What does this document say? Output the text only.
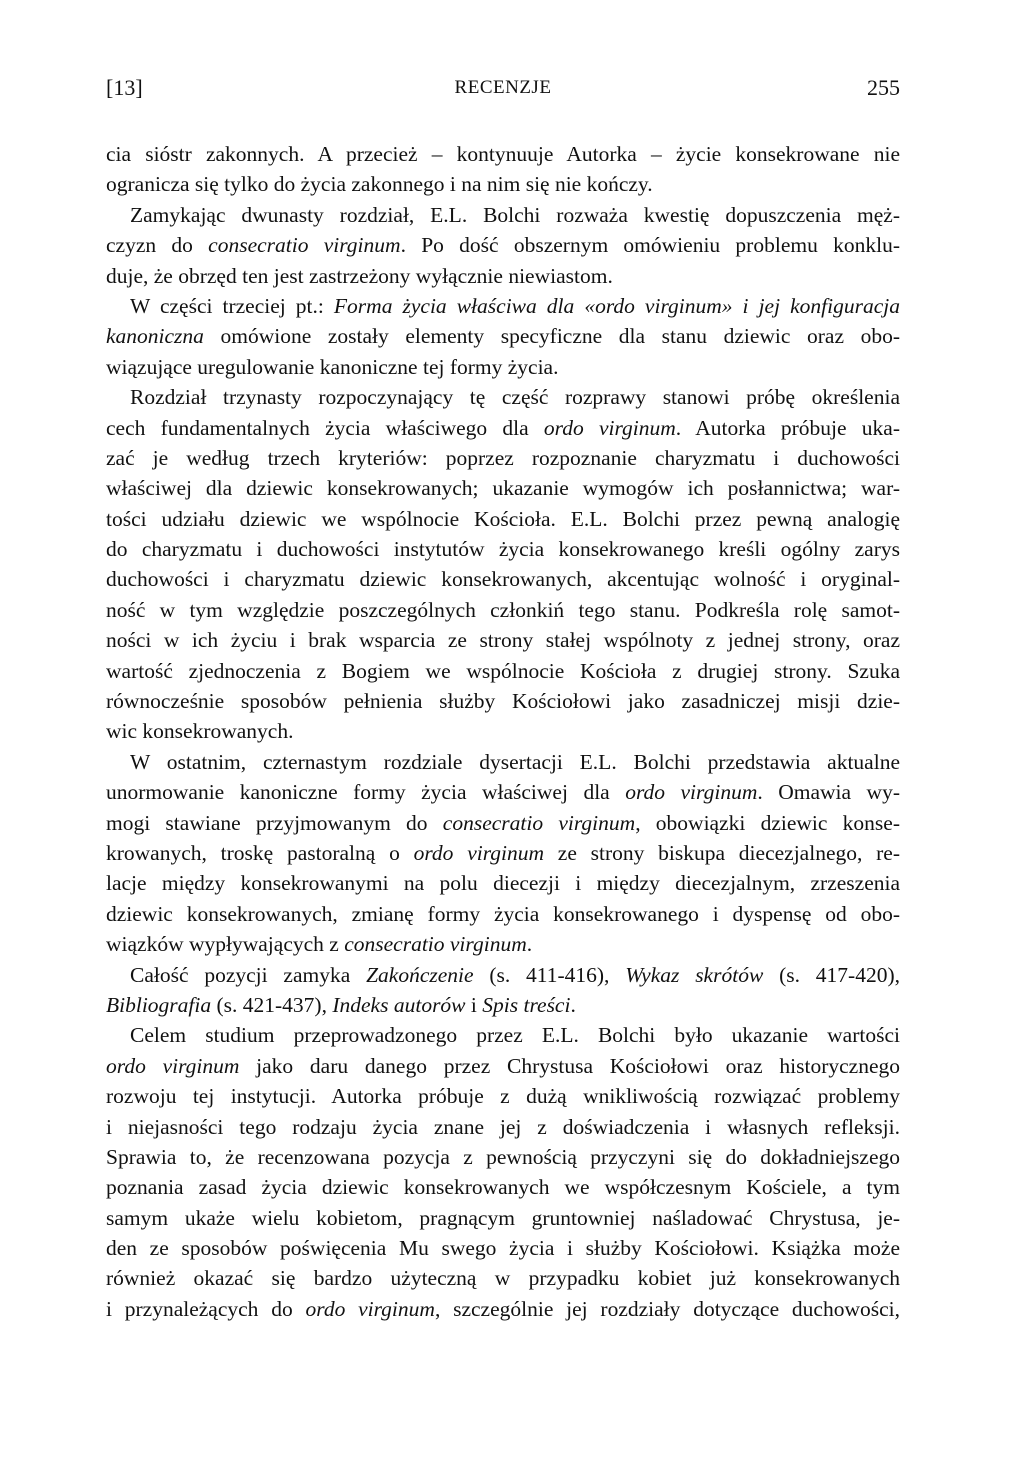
[13]	RECENZJE	255
cia sióstr zakonnych. A przecież – kontynuuje Autorka – życie konsekrowane nie
ogranicza się tylko do życia zakonnego i na nim się nie kończy.
Zamykając dwunasty rozdział, E.L. Bolchi rozważa kwestię dopuszczenia męż-
czyzn do consecratio virginum. Po dość obszernym omówieniu problemu konklu-
duje, że obrzęd ten jest zastrzeżony wyłącznie niewiastom.
W części trzeciej pt.: Forma życia właściwa dla «ordo virginum» i jej konfiguracja
kanoniczna omówione zostały elementy specyficzne dla stanu dziewic oraz obo-
wiązujące uregulowanie kanoniczne tej formy życia.
Rozdział trzynasty rozpoczynający tę część rozprawy stanowi próbę określenia
cech fundamentalnych życia właściwego dla ordo virginum. Autorka próbuje uka-
zać je według trzech kryteriów: poprzez rozpoznanie charyzmatu i duchowości
właściwej dla dziewic konsekrowanych; ukazanie wymogów ich posłannictwa; war-
tości udziału dziewic we wspólnocie Kościoła. E.L. Bolchi przez pewną analogię
do charyzmatu i duchowości instytutów życia konsekrowanego kreśli ogólny zarys
duchowości i charyzmatu dziewic konsekrowanych, akcentując wolność i oryginal-
ność w tym względzie poszczególnych członkiń tego stanu. Podkreśla rolę samot-
ności w ich życiu i brak wsparcia ze strony stałej wspólnoty z jednej strony, oraz
wartość zjednoczenia z Bogiem we wspólnocie Kościoła z drugiej strony. Szuka
równocześnie sposobów pełnienia służby Kościołowi jako zasadniczej misji dzie-
wic konsekrowanych.
W ostatnim, czternastym rozdziale dysertacji E.L. Bolchi przedstawia aktualne
unormowanie kanoniczne formy życia właściwej dla ordo virginum. Omawia wy-
mogi stawiane przyjmowanym do consecratio virginum, obowiązki dziewic konse-
krowanych, troskę pastoralną o ordo virginum ze strony biskupa diecezjalnego, re-
lacje między konsekrowanymi na polu diecezji i między diecezjalnym, zrzeszenia
dziewic konsekrowanych, zmianę formy życia konsekrowanego i dyspensę od obo-
wiązków wypływających z consecratio virginum.
Całość pozycji zamyka Zakończenie (s. 411-416), Wykaz skrótów (s. 417-420),
Bibliografia (s. 421-437), Indeks autorów i Spis treści.
Celem studium przeprowadzonego przez E.L. Bolchi było ukazanie wartości
ordo virginum jako daru danego przez Chrystusa Kościołowi oraz historycznego
rozwoju tej instytucji. Autorka próbuje z dużą wnikliwością rozwiązać problemy
i niejasności tego rodzaju życia znane jej z doświadczenia i własnych refleksji.
Sprawia to, że recenzowana pozycja z pewnością przyczyni się do dokładniejszego
poznania zasad życia dziewic konsekrowanych we współczesnym Kościele, a tym
samym ukaże wielu kobietom, pragnącym gruntowniej naśladować Chrystusa, je-
den ze sposobów poświęcenia Mu swego życia i służby Kościołowi. Książka może
również okazać się bardzo użyteczną w przypadku kobiet już konsekrowanych
i przynależących do ordo virginum, szczególnie jej rozdziały dotyczące duchowości,
